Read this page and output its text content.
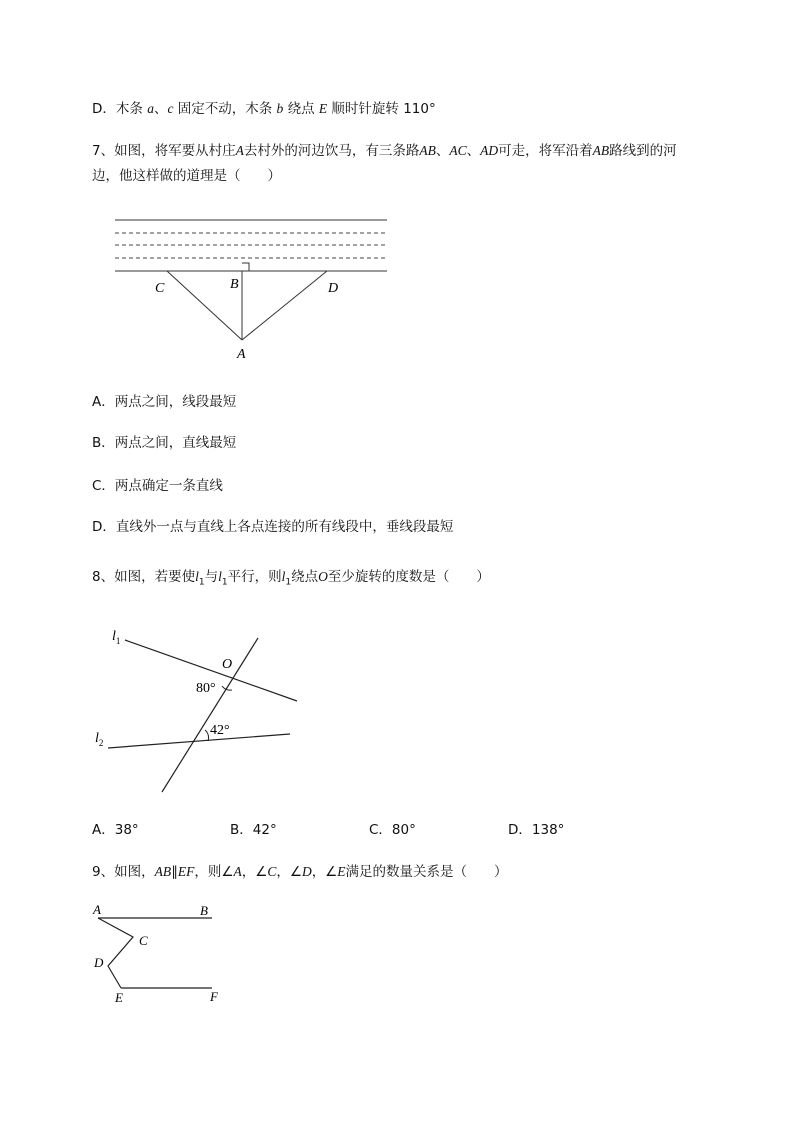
D．木条 a、c 固定不动，木条 b 绕点 E 顺时针旋转 110°
7、如图，将军要从村庄A去村外的河边饮马，有三条路AB、AC、AD可走，将军沿着AB路线到的河
边，他这样做的道理是（　　）
C	B	D
A
A．两点之间，线段最短
B．两点之间，直线最短
C．两点确定一条直线
D．直线外一点与直线上各点连接的所有线段中，垂线段最短
8、如图，若要使$l_1$与$l_1$平行，则$l_1$绕点O至少旋转的度数是（　　）
$l_1$
$l_2$
O
80°
42°
A．38°	B．42°	C．80°	D．138°
9、如图，AB∥EF，则∠A，∠C，∠D，∠E满足的数量关系是（　　）
A	B
C
D
E	F
